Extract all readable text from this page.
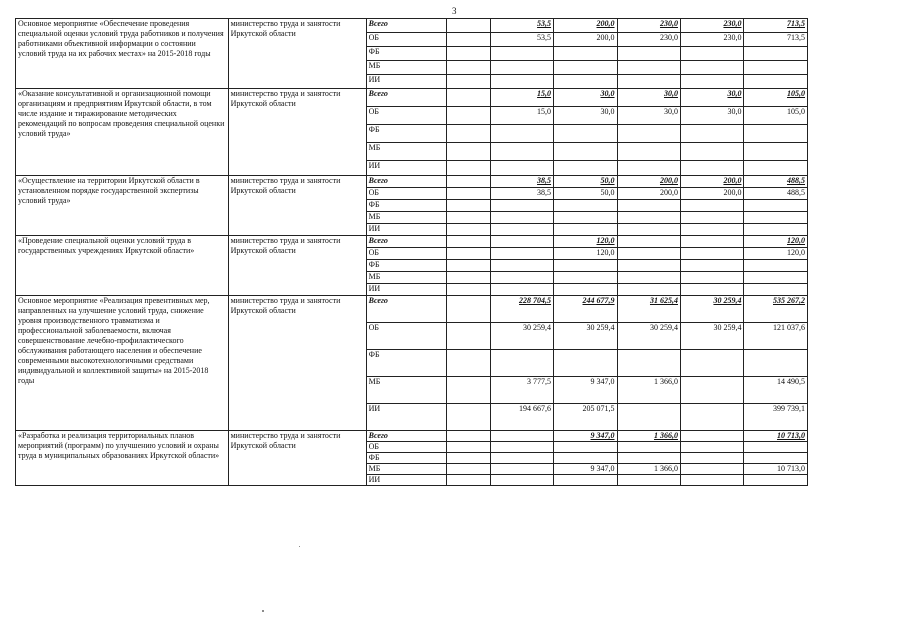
3
Основное мероприятие «Обеспечение проведения специальной оценки условий труда работников и получения работниками объективной информации о состоянии условий труда на их рабочих местах» на 2015-2018 годы	министерство труда и занятости Иркутской области	Всего		53,5	200,0	230,0	230,0	713,5
		ОБ		53,5	200,0	230,0	230,0	713,5
		ФБ						
		МБ						
		ИИ						
«Оказание консультативной и организационной помощи организациям и предприятиям Иркутской области, в том числе издание и тиражирование методических рекомендаций по вопросам проведения специальной оценки условий труда»	министерство труда и занятости Иркутской области	Всего		15,0	30,0	30,0	30,0	105,0
		ОБ		15,0	30,0	30,0	30,0	105,0
		ФБ						
		МБ						
		ИИ						
«Осуществление на территории Иркутской области в установленном порядке государственной экспертизы условий труда»	министерство труда и занятости Иркутской области	Всего		38,5	50,0	200,0	200,0	488,5
		ОБ		38,5	50,0	200,0	200,0	488,5
		ФБ						
		МБ						
		ИИ						
«Проведение специальной оценки условий труда в государственных учреждениях Иркутской области»	министерство труда и занятости Иркутской области	Всего			120,0			120,0
		ОБ			120,0			120,0
		ФБ						
		МБ						
		ИИ						
Основное мероприятие «Реализация превентивных мер, направленных на улучшение условий труда, снижение уровня производственного травматизма и профессиональной заболеваемости, включая совершенствование лечебно-профилактического обслуживания работающего населения и обеспечение современными высокотехнологичными средствами индивидуальной и коллективной защиты» на 2015-2018 годы	министерство труда и занятости Иркутской области	Всего		228 704,5	244 677,9	31 625,4	30 259,4	535 267,2
		ОБ		30 259,4	30 259,4	30 259,4	30 259,4	121 037,6
		ФБ						
		МБ		3 777,5	9 347,0	1 366,0		14 490,5
		ИИ		194 667,6	205 071,5			399 739,1
«Разработка и реализация территориальных планов мероприятий (программ) по улучшению условий и охраны труда в муниципальных образованиях Иркутской области»	министерство труда и занятости Иркутской области	Всего			9 347,0	1 366,0		10 713,0
		ОБ						
		ФБ						
		МБ			9 347,0	1 366,0		10 713,0
		ИИ						
